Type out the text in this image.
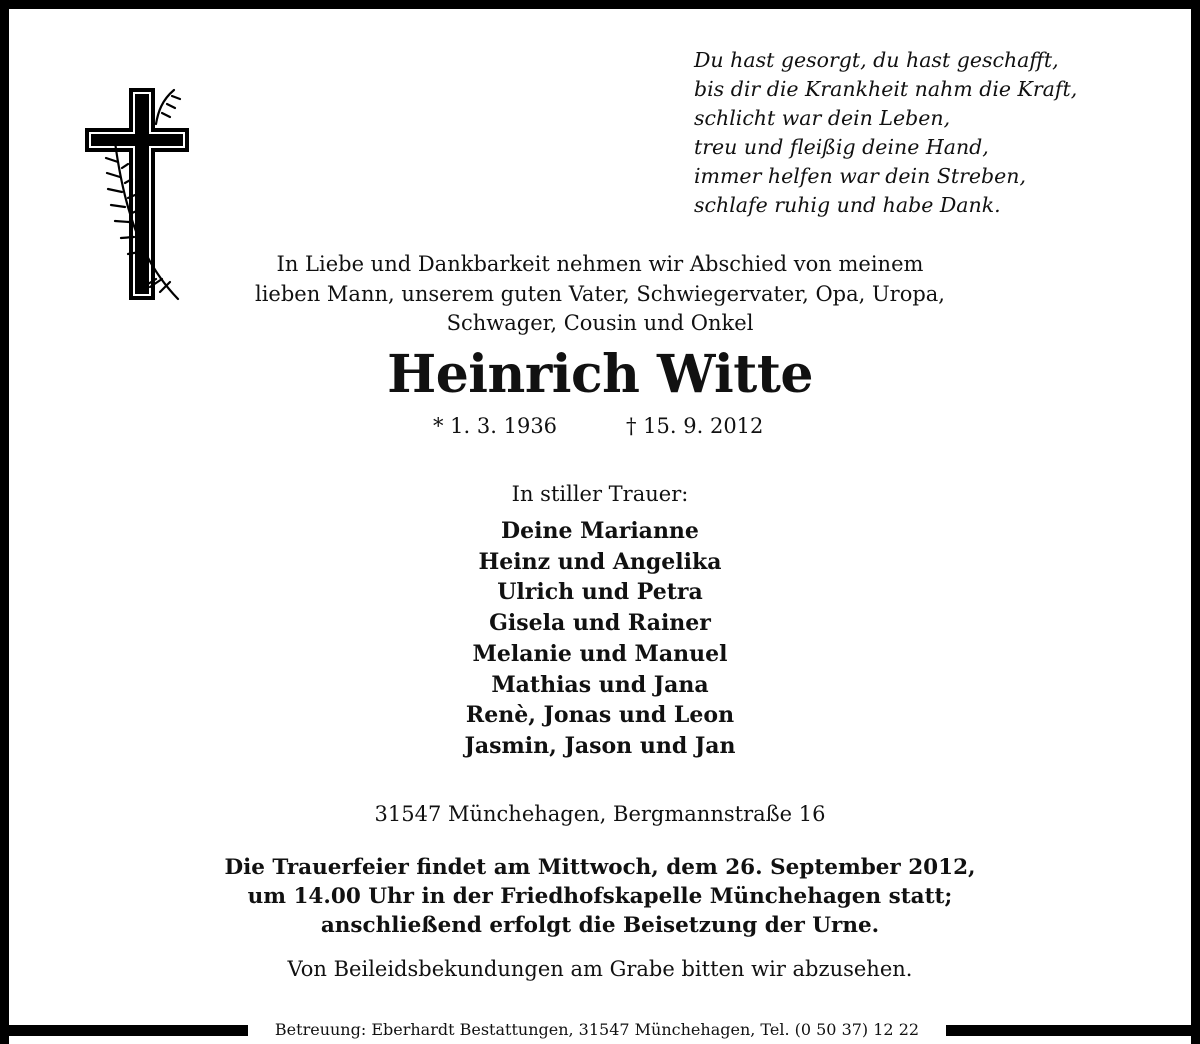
Du hast gesorgt, du hast geschafft,
bis dir die Krankheit nahm die Kraft,
schlicht war dein Leben,
treu und fleißig deine Hand,
immer helfen war dein Streben,
schlafe ruhig und habe Dank.
In Liebe und Dankbarkeit nehmen wir Abschied von meinem
lieben Mann, unserem guten Vater, Schwiegervater, Opa, Uropa,
Schwager, Cousin und Onkel
Heinrich Witte
* 1. 3. 1936	† 15. 9. 2012
In stiller Trauer:
Deine Marianne
Heinz und Angelika
Ulrich und Petra
Gisela und Rainer
Melanie und Manuel
Mathias und Jana
Renè, Jonas und Leon
Jasmin, Jason und Jan
31547 Münchehagen, Bergmannstraße 16
Die Trauerfeier findet am Mittwoch, dem 26. September 2012,
um 14.00 Uhr in der Friedhofskapelle Münchehagen statt;
anschließend erfolgt die Beisetzung der Urne.
Von Beileidsbekundungen am Grabe bitten wir abzusehen.
Betreuung: Eberhardt Bestattungen, 31547 Münchehagen, Tel. (0 50 37) 12 22
